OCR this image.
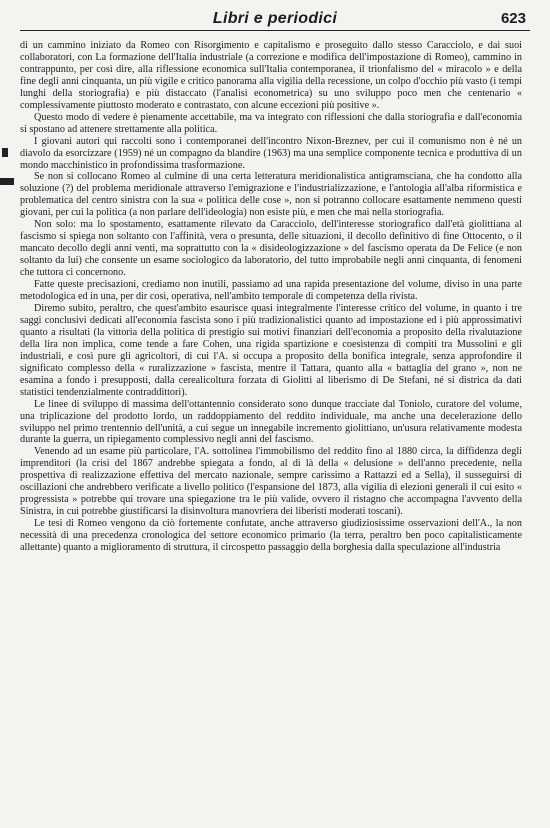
Libri e periodici	623

di un cammino iniziato da Romeo con Risorgimento e capitalismo e proseguito dallo stesso Caracciolo, e dai suoi collaboratori, con La formazione dell'Italia industriale (a correzione e modifica dell'impostazione di Romeo), cammino in contrappunto, per così dire, alla riflessione economica sull'Italia contemporanea, il trionfalismo del « miracolo » e della fine degli anni cinquanta, un più vigile e critico panorama alla vigilia della recessione, un colpo d'occhio più vasto (i tempi lunghi della storiografia) e più distaccato (l'analisi econometrica) su uno sviluppo poco men che centenario « complessivamente piuttosto moderato e contrastato, con alcune eccezioni più positive ».

Questo modo di vedere è pienamente accettabile, ma va integrato con riflessioni che dalla storiografia e dall'economia si spostano ad attenere strettamente alla politica.

I giovani autori qui raccolti sono i contemporanei dell'incontro Nixon-Breznev, per cui il comunismo non è né un diavolo da esorcizzare (1959) né un compagno da blandire (1963) ma una semplice componente tecnica e produttiva di un mondo macchinistico in profondissima trasformazione.

Se non si collocano Romeo al culmine di una certa letteratura meridionalistica antigramsciana, che ha condotto alla soluzione (?) del problema meridionale attraverso l'emigrazione e l'industrializzazione, e l'antologia all'alba riformistica e problematica del centro sinistra con la sua « politica delle cose », non si potranno collocare esattamente nemmeno questi giovani, per cui la politica (a non parlare dell'ideologia) non esiste più, e men che mai nella storiografia.

Non solo: ma lo spostamento, esattamente rilevato da Caracciolo, dell'interesse storiografico dall'età giolittiana al fascismo si spiega non soltanto con l'affinità, vera o presunta, delle situazioni, il decollo definitivo di fine Ottocento, o il mancato decollo degli anni venti, ma soprattutto con la « disideologizzazione » del fascismo operata da De Felice (e non soltanto da lui) che consente un esame sociologico da laboratorio, del tutto improbabile negli anni cinquanta, di fenomeni che tuttora ci concernono.

Fatte queste precisazioni, crediamo non inutili, passiamo ad una rapida presentazione del volume, diviso in una parte metodologica ed in una, per dir così, operativa, nell'ambito temporale di competenza della rivista.

Diremo subito, peraltro, che quest'ambito esaurisce quasi integralmente l'interesse critico del volume, in quanto i tre saggi conclusivi dedicati all'economia fascista sono i più tradizionalistici quanto ad impostazione ed i più approssimativi quanto a risultati (la vittoria della politica di prestigio sui motivi finanziari dell'economia a proposito della rivalutazione della lira non implica, come tende a fare Cohen, una rigida spartizione e coesistenza di compiti tra Mussolini e gli industriali, e così pure gli agricoltori, di cui l'A. si occupa a proposito della bonifica integrale, senza approfondire il significato complesso della « ruralizzazione » fascista, mentre il Tattara, quanto alla « battaglia del grano », non ne esamina a fondo i presupposti, dalla cerealicoltura forzata di Giolitti al liberismo di De Stefani, né si districa da dati statistici tendenzialmente contraddittori).

Le linee di sviluppo di massima dell'ottantennio considerato sono dunque tracciate dal Toniolo, curatore del volume, una triplicazione del prodotto lordo, un raddoppiamento del reddito individuale, ma anche una decelerazione dello sviluppo nel primo trentennio dell'unità, a cui segue un innegabile incremento giolittiano, un'usura relativamente modesta durante la guerra, un ripiegamento complessivo negli anni del fascismo.

Venendo ad un esame più particolare, l'A. sottolinea l'immobilismo del reddito fino al 1880 circa, la diffidenza degli imprenditori (la crisi del 1867 andrebbe spiegata a fondo, al di là della « delusione » dell'anno precedente, nella prospettiva di realizzazione effettiva del mercato nazionale, sempre carissimo a Rattazzi ed a Sella), il susseguirsi di oscillazioni che andrebbero verificate a livello politico (l'espansione del 1873, alla vigilia di elezioni generali il cui esito « progressista » potrebbe qui trovare una spiegazione tra le più valide, ovvero il ristagno che accompagna l'avvento della Sinistra, in cui potrebbe giustificarsi la disinvoltura manovriera dei liberisti moderati toscani).

Le tesi di Romeo vengono da ciò fortemente confutate, anche attraverso giudiziosissime osservazioni dell'A., la non necessità di una precedenza cronologica del settore economico primario (la terra, peraltro ben poco capitalisticamente allettante) quanto a miglioramento di struttura, il circospetto passaggio della borghesia dalla speculazione all'industria
